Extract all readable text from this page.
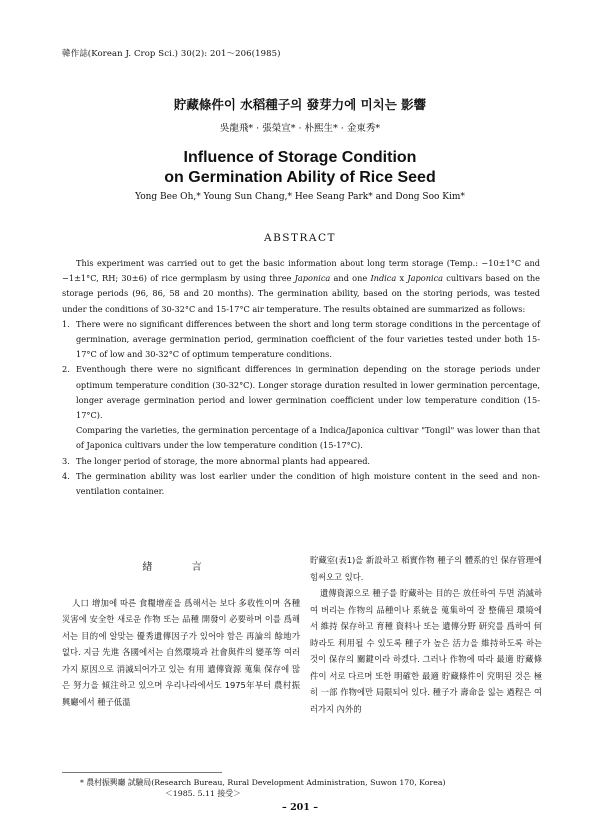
韓作誌(Korean J. Crop Sci.) 30(2): 201～206(1985)
貯藏條件이 水稻種子의 發芽力에 미치는 影響
吳龍飛* · 張榮宣* · 朴熙生* · 金東秀*
Influence of Storage Condition
on Germination Ability of Rice Seed
Yong Bee Oh,* Young Sun Chang,* Hee Seang Park* and Dong Soo Kim*
ABSTRACT

This experiment was carried out to get the basic information about long term storage (Temp.: −10±1°C and −1±1°C, RH; 30±6) of rice germplasm by using three Japonica and one Indica x Japonica cultivars based on the storage periods (96, 86, 58 and 20 months). The germination ability, based on the storing periods, was tested under the conditions of 30-32°C and 15-17°C air temperature. The results obtained are summarized as follows:

1. There were no significant differences between the short and long term storage conditions in the percentage of germination, average germination period, germination coefficient of the four varieties tested under both 15-17°C of low and 30-32°C of optimum temperature conditions.

2. Eventhough there were no significant differences in germination depending on the storage periods under optimum temperature condition (30-32°C). Longer storage duration resulted in lower germination percentage, longer average germination period and lower germination coefficient under low temperature condition (15-17°C).

Comparing the varieties, the germination percentage of a Indica/Japonica cultivar "Tongil" was lower than that of Japonica cultivars under the low temperature condition (15-17°C).

3. The longer period of storage, the more abnormal plants had appeared.

4. The germination ability was lost earlier under the condition of high moisture content in the seed and non-ventilation container.

緖 言

人口 增加에 따른 食糧增産을 爲해서는 보다 多收性이며 各種 災害에 安全한 새로운 作物 또는 品種 開發이 必要하며 이를 爲해서는 目的에 알맞는 優秀遺傳因子가 있어야 함은 再論의 餘地가 없다. 지금 先進 各國에서는 自然環境과 社會與件의 變革等 여러가지 原因으로 消滅되어가고 있는 有用 遺傳資源 蒐集 保存에 많은 努力을 傾注하고 있으며 우리나라에서도 1975年부터 農村振興廳에서 種子低溫

貯藏室(表1)을 新設하고 稻實作物 種子의 體系的인 保存管理에 힘써오고 있다.

遺傳資源으로 種子를 貯藏하는 目的은 放任하여 두면 消滅하여 버리는 作物의 品種이나 系統을 蒐集하여 잘 整備된 環境에서 維持 保存하고 育種 資料나 또는 遺傳分野 研究를 爲하여 何時라도 利用될 수 있도록 種子가 높은 活力을 維持하도록 하는 것이 保存의 關鍵이라 하겠다. 그러나 作物에 따라 最適 貯藏條件이 서로 다르며 또한 明確한 最適 貯藏條件이 究明된 것은 極히 一部 作物에만 局限되어 있다. 種子가 壽命을 잃는 過程은 여러가지 內外的

* 農村振興廳 試驗局(Research Bureau, Rural Development Administration, Suwon 170, Korea)
＜1985. 5.11 接受＞
– 201 –
